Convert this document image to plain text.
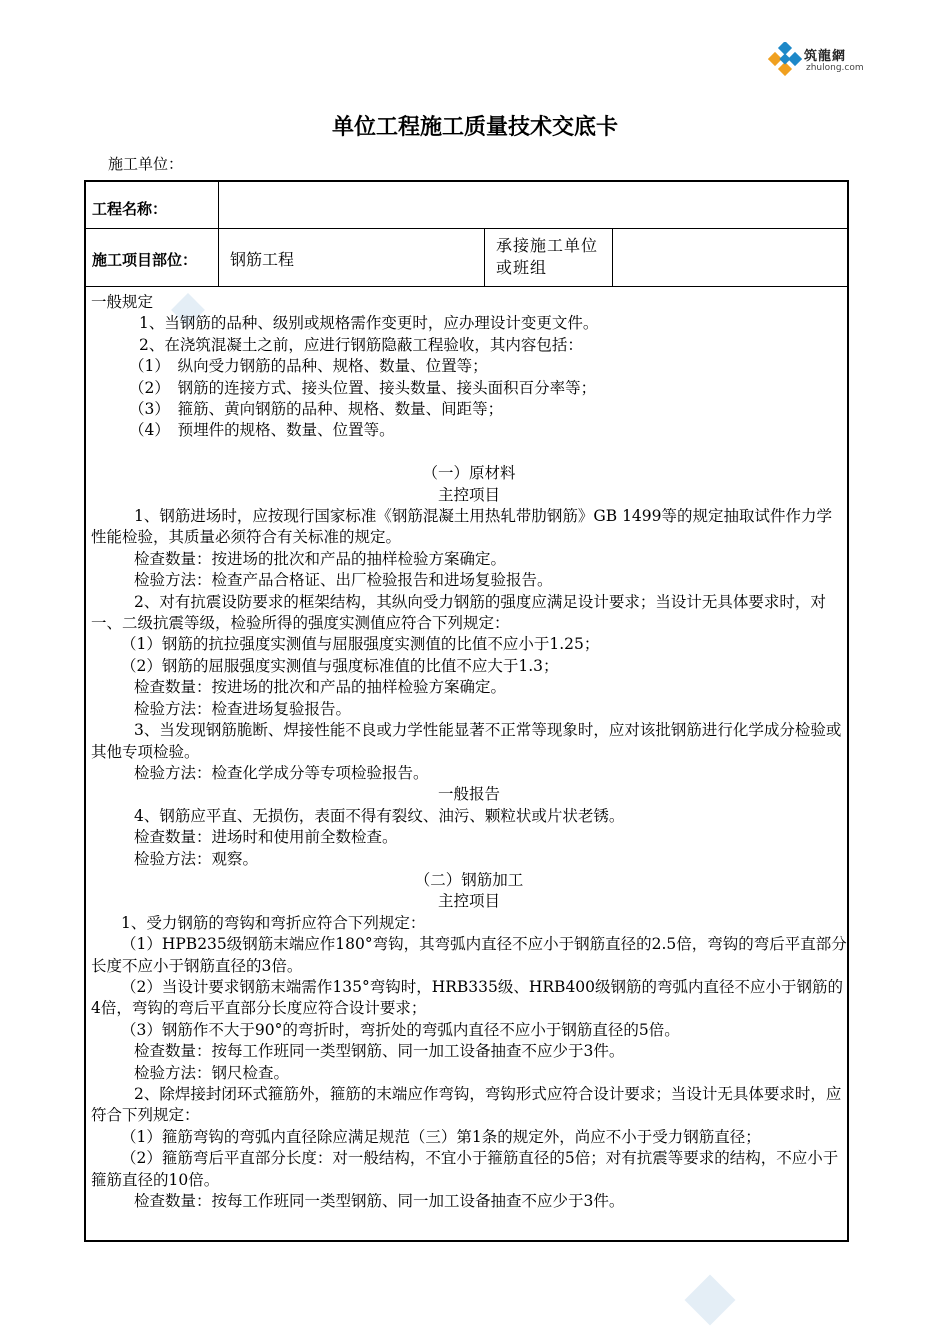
筑龍網
zhulong.com
单位工程施工质量技术交底卡
施工单位：
工程名称：
施工项目部位： 钢筋工程
承接施工单位或班组

一般规定

1、当钢筋的品种、级别或规格需作变更时，应办理设计变更文件。

2、在浇筑混凝土之前，应进行钢筋隐蔽工程验收，其内容包括：

（1）　纵向受力钢筋的品种、规格、数量、位置等；

（2）　钢筋的连接方式、接头位置、接头数量、接头面积百分率等；

（3）　箍筋、黄向钢筋的品种、规格、数量、间距等；

（4）　预埋件的规格、数量、位置等。

（一）原材料

主控项目

1、钢筋进场时，应按现行国家标准《钢筋混凝土用热轧带肋钢筋》GB 1499等的规定抽取试件作力学性能检验，其质量必须符合有关标准的规定。

检查数量：按进场的批次和产品的抽样检验方案确定。

检验方法：检查产品合格证、出厂检验报告和进场复验报告。

2、对有抗震设防要求的框架结构，其纵向受力钢筋的强度应满足设计要求；当设计无具体要求时，对一、二级抗震等级，检验所得的强度实测值应符合下列规定：

（1）钢筋的抗拉强度实测值与屈服强度实测值的比值不应小于1.25；

（2）钢筋的屈服强度实测值与强度标准值的比值不应大于1.3；

检查数量：按进场的批次和产品的抽样检验方案确定。

检验方法：检查进场复验报告。

3、当发现钢筋脆断、焊接性能不良或力学性能显著不正常等现象时，应对该批钢筋进行化学成分检验或其他专项检验。

检验方法：检查化学成分等专项检验报告。

一般报告

4、钢筋应平直、无损伤，表面不得有裂纹、油污、颗粒状或片状老锈。

检查数量：进场时和使用前全数检查。

检验方法：观察。

（二）钢筋加工

主控项目

1、受力钢筋的弯钩和弯折应符合下列规定：

（1）HPB235级钢筋末端应作180°弯钩，其弯弧内直径不应小于钢筋直径的2.5倍，弯钩的弯后平直部分长度不应小于钢筋直径的3倍。

（2）当设计要求钢筋末端需作135°弯钩时，HRB335级、HRB400级钢筋的弯弧内直径不应小于钢筋的4倍，弯钩的弯后平直部分长度应符合设计要求；

（3）钢筋作不大于90°的弯折时，弯折处的弯弧内直径不应小于钢筋直径的5倍。

检查数量：按每工作班同一类型钢筋、同一加工设备抽查不应少于3件。

检验方法：钢尺检查。

2、除焊接封闭环式箍筋外，箍筋的末端应作弯钩，弯钩形式应符合设计要求；当设计无具体要求时，应符合下列规定：

（1）箍筋弯钩的弯弧内直径除应满足规范（三）第1条的规定外，尚应不小于受力钢筋直径；

（2）箍筋弯后平直部分长度：对一般结构，不宜小于箍筋直径的5倍；对有抗震等要求的结构，不应小于箍筋直径的10倍。

检查数量：按每工作班同一类型钢筋、同一加工设备抽查不应少于3件。
